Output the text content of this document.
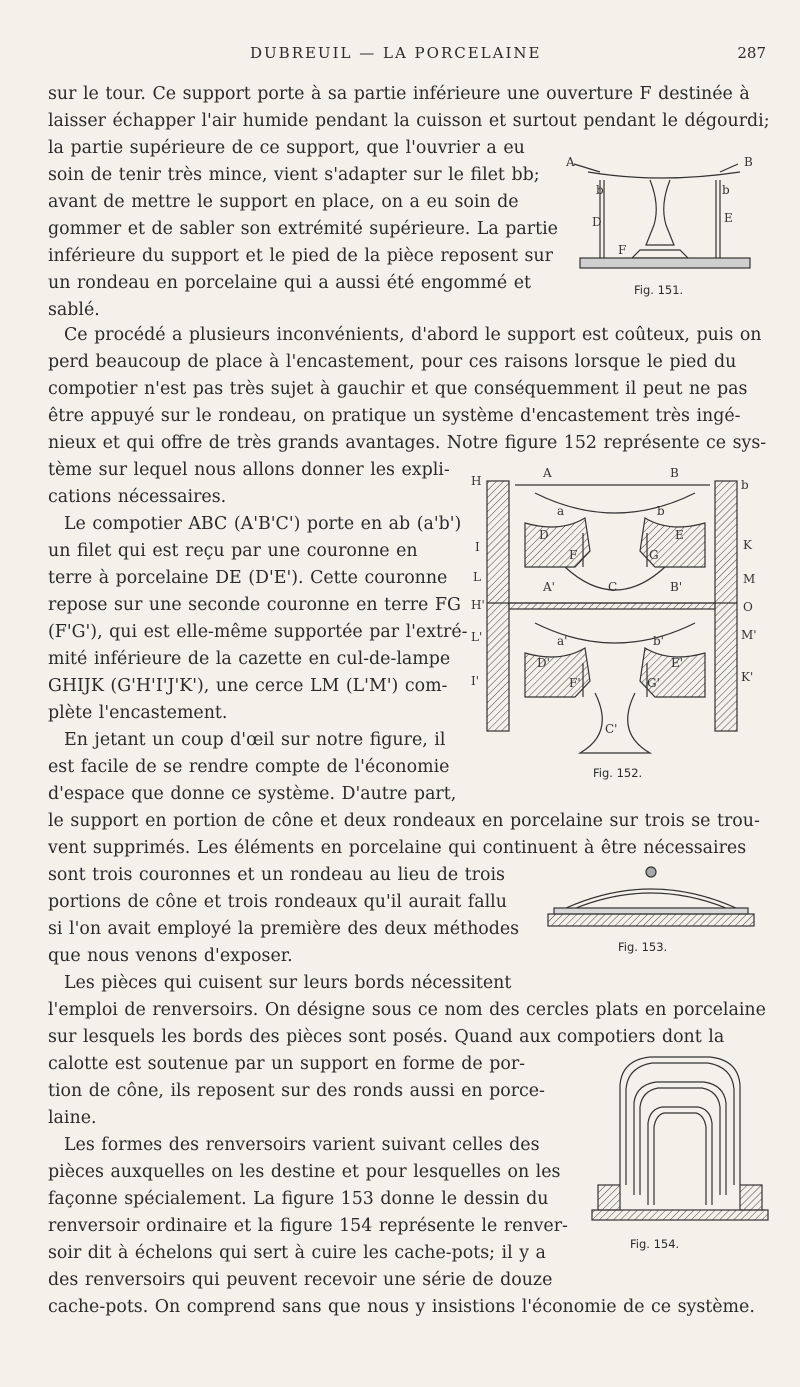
DUBREUIL — LA PORCELAINE	287
sur le tour. Ce support porte à sa partie inférieure une ouverture F destinée à
laisser échapper l'air humide pendant la cuisson et surtout pendant le dégourdi;
la partie supérieure de ce support, que l'ouvrier a eu
soin de tenir très mince, vient s'adapter sur le filet bb;
avant de mettre le support en place, on a eu soin de
gommer et de sabler son extrémité supérieure. La partie
inférieure du support et le pied de la pièce reposent sur
un rondeau en porcelaine qui a aussi été engommé et
sablé.
Ce procédé a plusieurs inconvénients, d'abord le support est coûteux, puis on
perd beaucoup de place à l'encastement, pour ces raisons lorsque le pied du
compotier n'est pas très sujet à gauchir et que conséquemment il peut ne pas
être appuyé sur le rondeau, on pratique un système d'encastement très ingé-
nieux et qui offre de très grands avantages. Notre figure 152 représente ce sys-
tème sur lequel nous allons donner les expli-
cations nécessaires.
Le compotier ABC (A'B'C') porte en ab (a'b')
un filet qui est reçu par une couronne en
terre à porcelaine DE (D'E'). Cette couronne
repose sur une seconde couronne en terre FG
(F'G'), qui est elle-même supportée par l'extré-
mité inférieure de la cazette en cul-de-lampe
GHIJK (G'H'I'J'K'), une cerce LM (L'M') com-
plète l'encastement.
En jetant un coup d'œil sur notre figure, il
est facile de se rendre compte de l'économie
d'espace que donne ce système. D'autre part,
le support en portion de cône et deux rondeaux en porcelaine sur trois se trou-
vent supprimés. Les éléments en porcelaine qui continuent à être nécessaires
sont trois couronnes et un rondeau au lieu de trois
portions de cône et trois rondeaux qu'il aurait fallu
si l'on avait employé la première des deux méthodes
que nous venons d'exposer.
Les pièces qui cuisent sur leurs bords nécessitent
l'emploi de renversoirs. On désigne sous ce nom des cercles plats en porcelaine
sur lesquels les bords des pièces sont posés. Quand aux compotiers dont la
calotte est soutenue par un support en forme de por-
tion de cône, ils reposent sur des ronds aussi en porce-
laine.
Les formes des renversoirs varient suivant celles des
pièces auxquelles on les destine et pour lesquelles on les
façonne spécialement. La figure 153 donne le dessin du
renversoir ordinaire et la figure 154 représente le renver-
soir dit à échelons qui sert à cuire les cache-pots; il y a
des renversoirs qui peuvent recevoir une série de douze
cache-pots. On comprend sans que nous y insistions l'économie de ce système.
A	B
b	b
D	E
F
Fig. 151.
A	B
H	b
a	b
I	K
D
F
E
G
L	M
A'	C	B'
H'	O
L'	M'
a'	b'
D'	E'
I'	F'	G'	K'
C'
Fig. 152.
Fig. 153.
Fig. 154.
